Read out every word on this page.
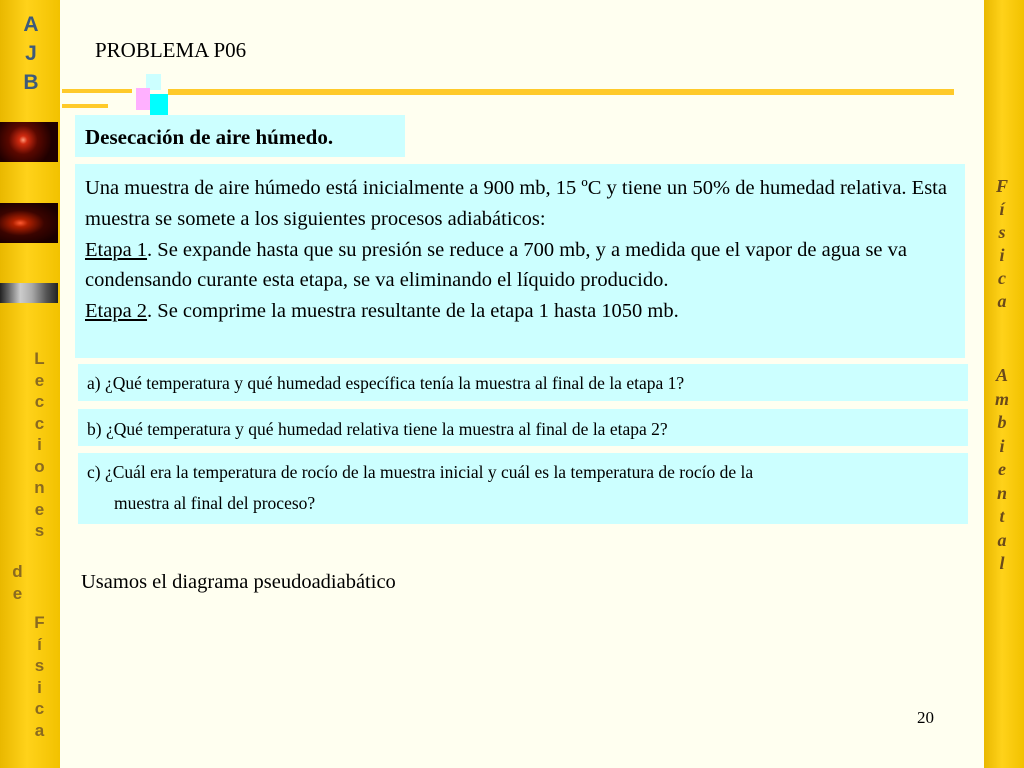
A
J
B
L
e
c
c
i
o
n
e
s
d
e
F
í
s
i
c
a
F
í
s
i
c
a
A
m
b
i
e
n
t
a
l
PROBLEMA P06
Desecación de aire húmedo.
Una muestra de aire húmedo está inicialmente a 900 mb, 15 ºC y tiene un 50% de humedad relativa. Esta muestra se somete a los siguientes procesos adiabáticos:
Etapa 1. Se expande hasta que su presión se reduce a 700 mb, y a medida que el vapor de agua se va condensando curante esta etapa, se va eliminando el líquido producido.
Etapa 2. Se comprime la muestra resultante de la etapa 1 hasta 1050 mb.
a) ¿Qué temperatura y qué humedad específica tenía la muestra al final de la etapa 1?
b) ¿Qué temperatura y qué humedad relativa tiene la muestra al final de la etapa 2?
c) ¿Cuál era la temperatura de rocío de la muestra inicial y cuál es la temperatura de rocío de la
muestra al final del proceso?
Usamos el diagrama pseudoadiabático
20
